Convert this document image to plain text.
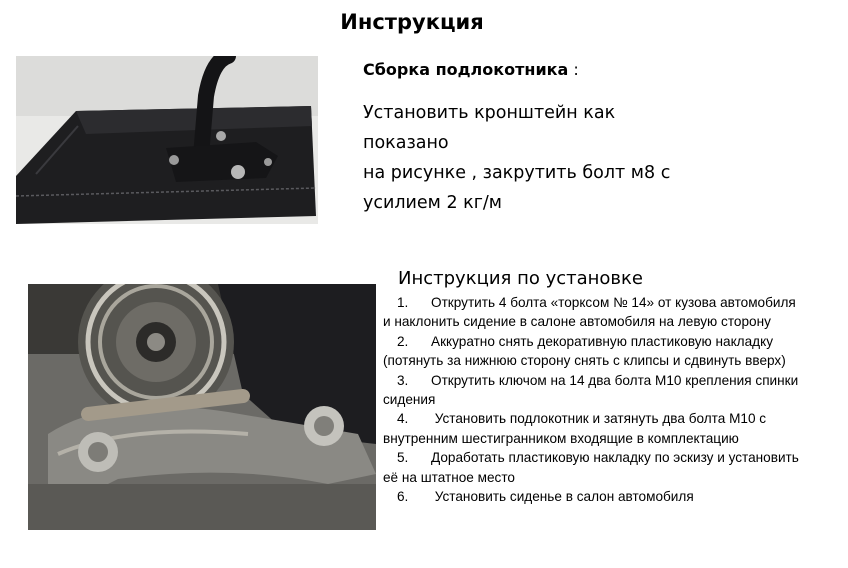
Инструкция
Сборка подлокотника :
Установить кронштейн как показано
на рисунке , закрутить болт м8 с
усилием 2 кг/м
Инструкция по установке
1. Открутить 4 болта «торксом № 14» от кузова автомобиля
и наклонить сидение в салоне автомобиля на левую сторону
2. Аккуратно снять декоративную пластиковую накладку
(потянуть за нижнюю сторону снять с клипсы и сдвинуть вверх)
3. Открутить ключом на 14 два болта М10 крепления спинки
сидения
4. Установить подлокотник и затянуть два болта М10 с
внутренним шестигранником входящие в комплектацию
5. Доработать пластиковую накладку по эскизу и установить
её на штатное место
6. Установить сиденье в салон автомобиля
